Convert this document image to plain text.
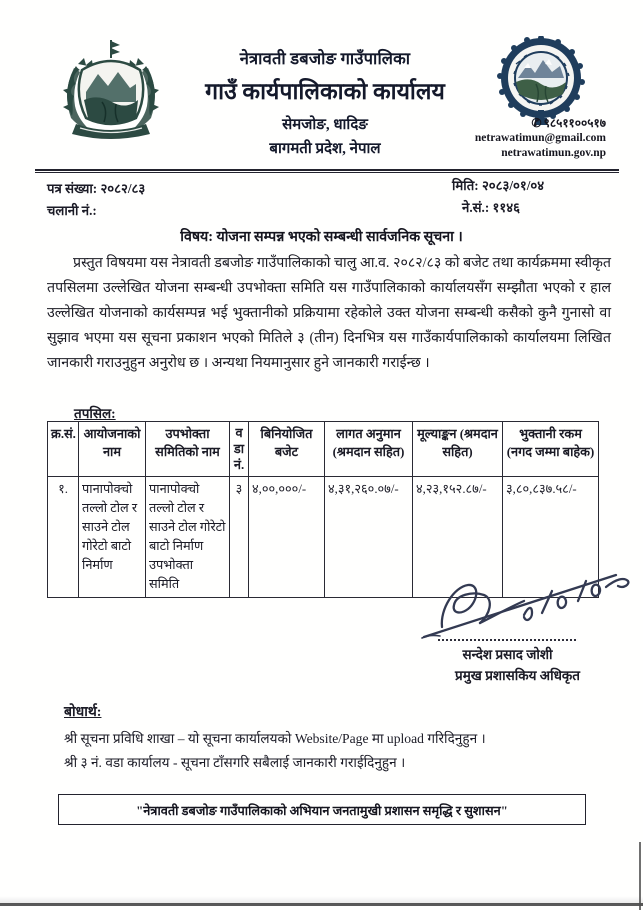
नेत्रावती डबजोङ गाउँपालिका
गाउँ कार्यपालिकाको कार्यालय
सेमजोङ, धादिङ
बागमती प्रदेश, नेपाल
✆ ९८५११००५१७
netrawatimun@gmail.com
netrawatimun.gov.np
पत्र संख्या: २०८२/८३
चलानी नं.:
मिति: २०८३/०१/०४
ने.सं.: ११४६
विषय: योजना सम्पन्न भएको सम्बन्धी सार्वजनिक सूचना ।
प्रस्तुत विषयमा यस नेत्रावती डबजोङ गाउँपालिकाको चालु आ.व. २०८२/८३ को बजेट तथा कार्यक्रममा स्वीकृत तपसिलमा उल्लेखित योजना सम्बन्धी उपभोक्ता समिति यस गाउँपालिकाको कार्यालयसँग सम्झौता भएको र हाल उल्लेखित योजनाको कार्यसम्पन्न भई भुक्तानीको प्रक्रियामा रहेकोले उक्त योजना सम्बन्धी कसैको कुनै गुनासो वा सुझाव भएमा यस सूचना प्रकाशन भएको मितिले ३ (तीन) दिनभित्र यस गाउँकार्यपालिकाको कार्यालयमा लिखित जानकारी गराउनुहुन अनुरोध छ । अन्यथा नियमानुसार हुने जानकारी गराईन्छ ।
तपसिल:
क्र.सं.	आयोजनाको नाम	उपभोक्ता समितिको नाम	व डा नं.	बिनियोजित बजेट	लागत अनुमान (श्रमदान सहित)	मूल्याङ्कन (श्रमदान सहित)	भुक्तानी रकम (नगद जम्मा बाहेक)
१.	पानापोक्चो तल्लो टोल र साउने टोल गोरेटो बाटो निर्माण	पानापोक्चो तल्लो टोल र साउने टोल गोरेटो बाटो निर्माण उपभोक्ता समिति	३	४,००,०००/-	४,३१,२६०.०७/-	४,२३,१५२.८७/-	३,८०,८३७.५८/-
सन्देश प्रसाद जोशी
प्रमुख प्रशासकिय अधिकृत
बोधार्थ:
श्री सूचना प्रविधि शाखा – यो सूचना कार्यालयको Website/Page मा upload गरिदिनुहुन ।
श्री ३ नं. वडा कार्यालय - सूचना टाँसगरि सबैलाई जानकारी गराईदिनुहुन ।
"नेत्रावती डबजोङ गाउँपालिकाको अभियान जनतामुखी प्रशासन समृद्धि र सुशासन"
